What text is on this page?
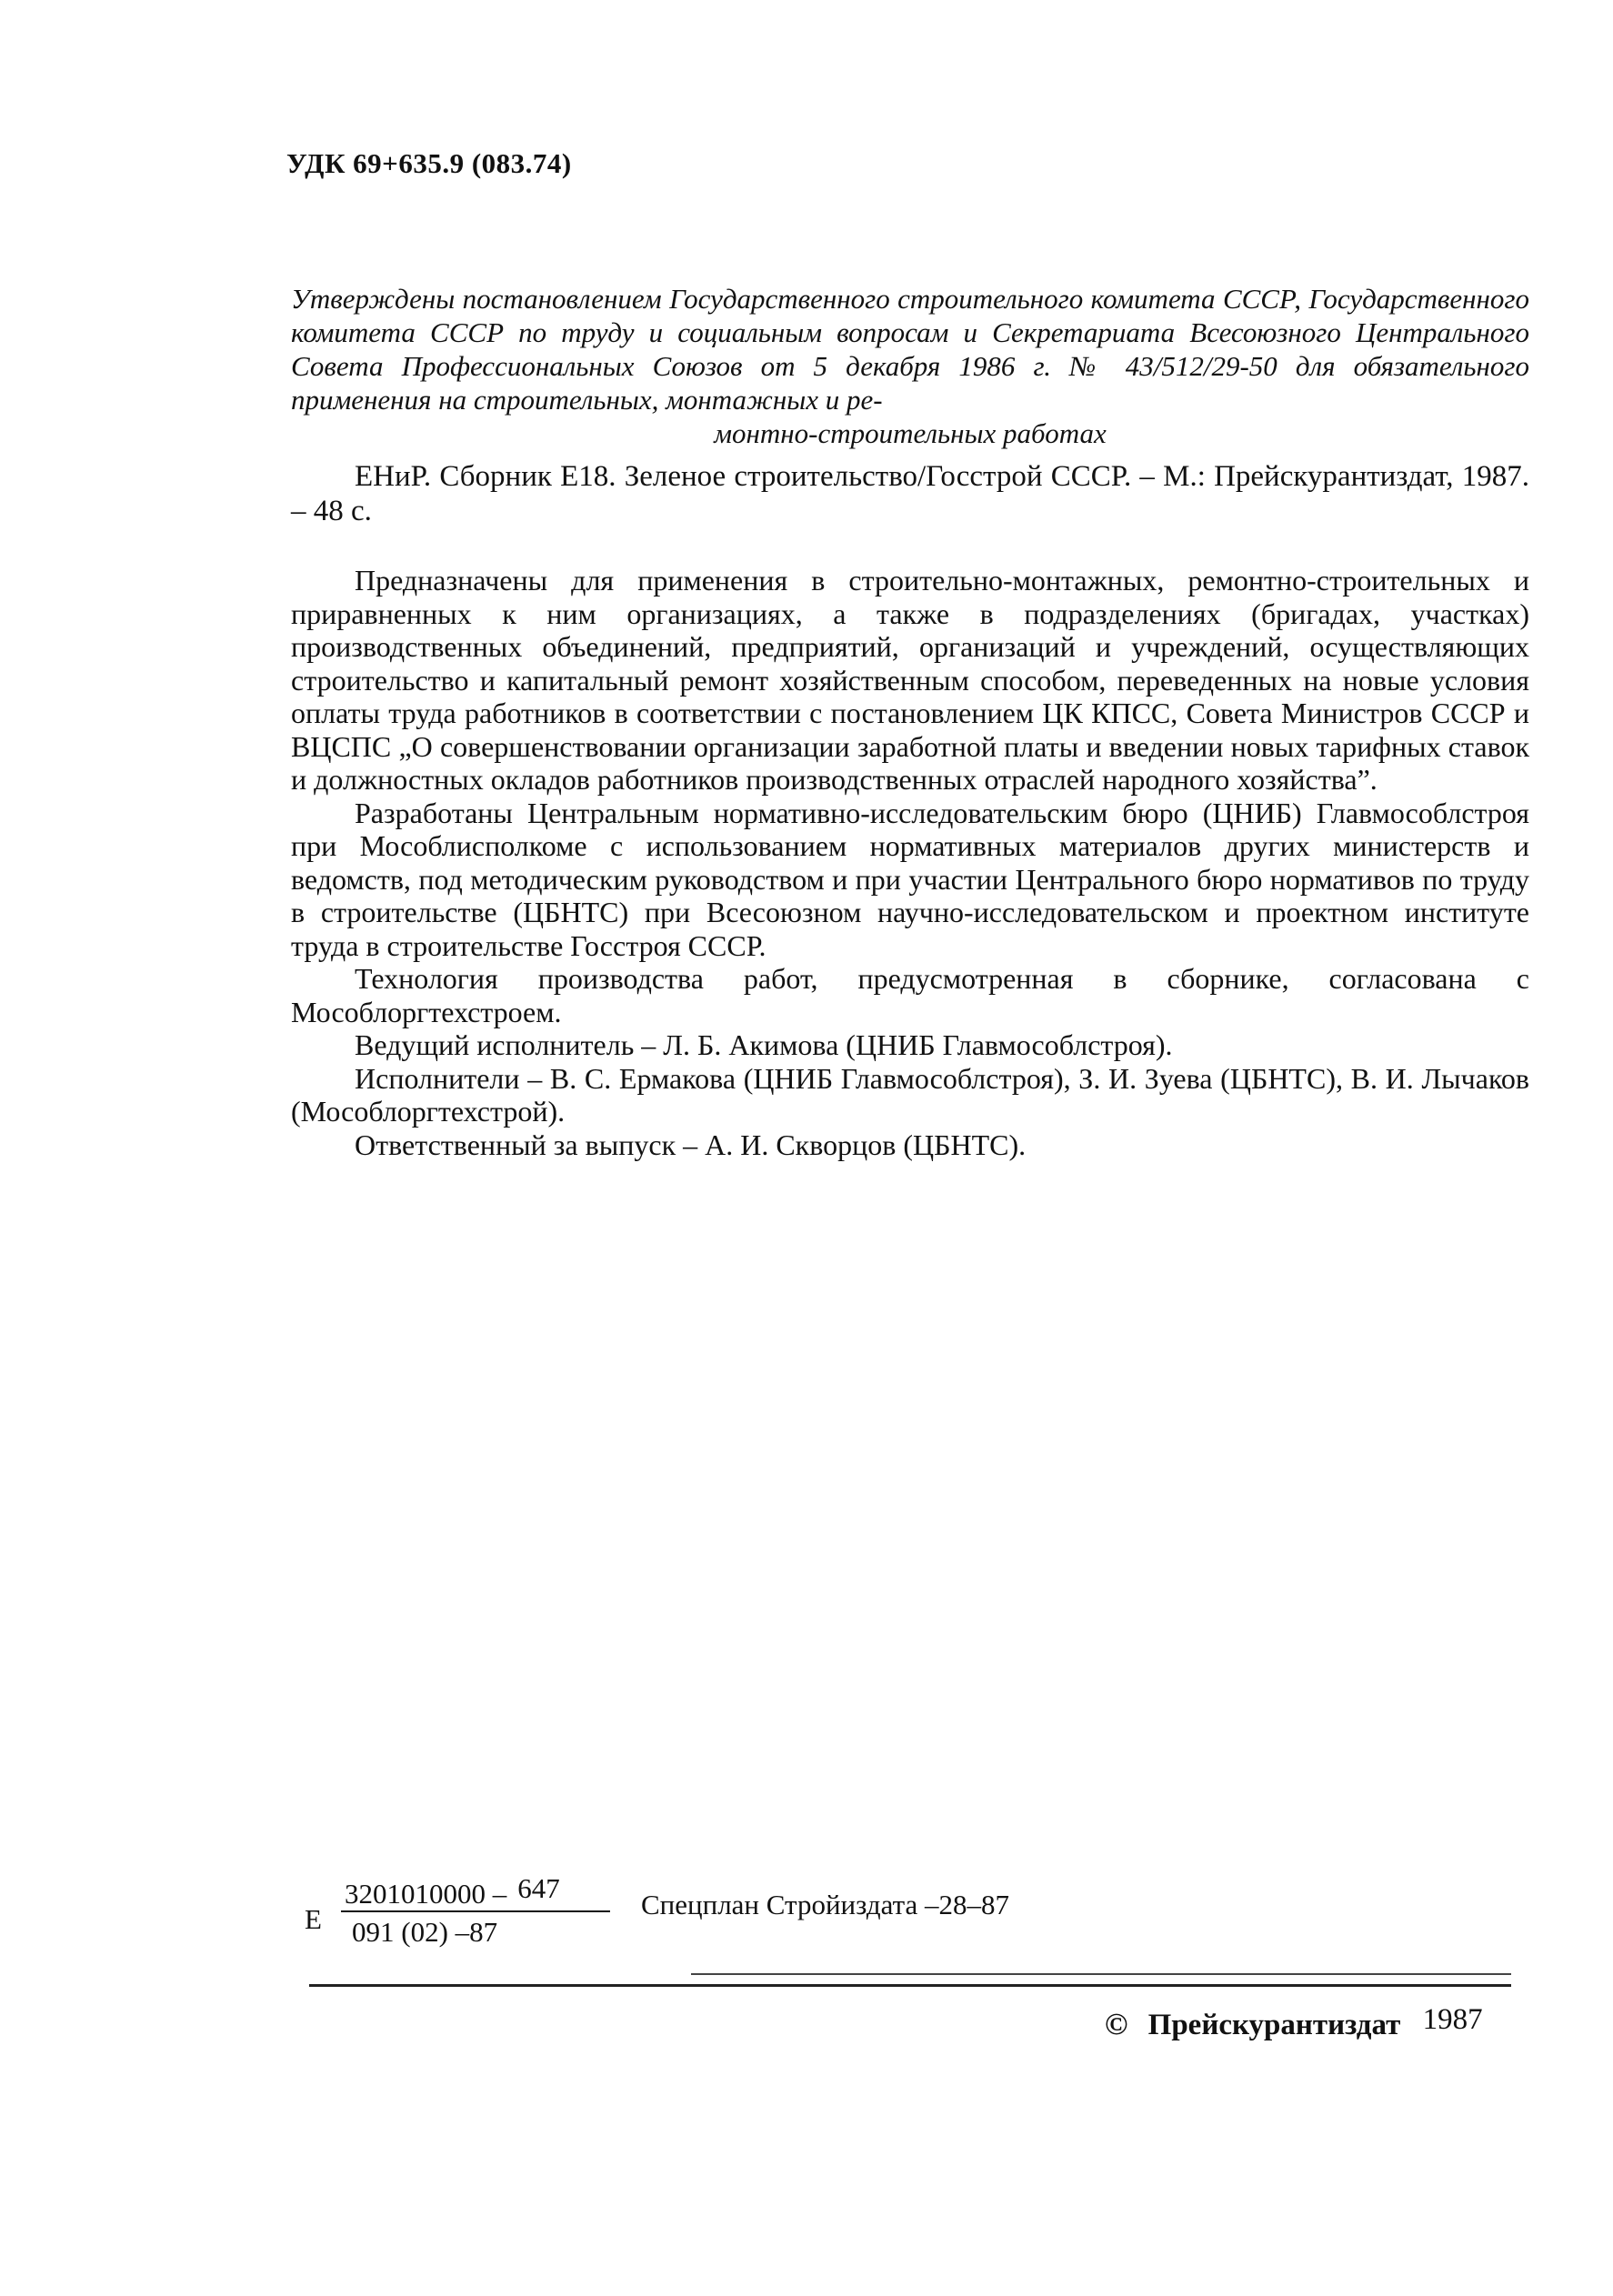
УДК 69+635.9 (083.74)
Утверждены постановлением Государственного строительного комитета СССР, Государственного комитета СССР по труду и социальным вопросам и Секретариата Всесоюзного Центрального Совета Профессиональных Союзов от 5 декабря 1986 г. № 43/512/29-50 для обязательного применения на строительных, монтажных и ре-
монтно-строительных работах

ЕНиР. Сборник Е18. Зеленое строительство/Госстрой СССР. – М.: Прейскурантиздат, 1987. – 48 с.

Предназначены для применения в строительно-монтажных, ремонтно-строительных и приравненных к ним организациях, а также в подразделениях (бригадах, участках) производственных объединений, предприятий, организаций и учреждений, осуществляющих строительство и капитальный ремонт хозяйственным способом, переведенных на новые условия оплаты труда работников в соответствии с постановлением ЦК КПСС, Совета Министров СССР и ВЦСПС „О совершенствовании организации заработной платы и введении новых тарифных ставок и должностных окладов работников производственных отраслей народного хозяйства”.

Разработаны Центральным нормативно-исследовательским бюро (ЦНИБ) Главмособлстроя при Мособлисполкоме с использованием нормативных материалов других министерств и ведомств, под методическим руководством и при участии Центрального бюро нормативов по труду в строительстве (ЦБНТС) при Всесоюзном научно-исследовательском и проектном институте труда в строительстве Госстроя СССР.

Технология производства работ, предусмотренная в сборнике, согласована с Мособлоргтехстроем.

Ведущий исполнитель – Л. Б. Акимова (ЦНИБ Главмособлстроя).

Исполнители – В. С. Ермакова (ЦНИБ Главмособлстроя), З. И. Зуева (ЦБНТС), В. И. Лычаков (Мособлоргтехстрой).

Ответственный за выпуск – А. И. Скворцов (ЦБНТС).

Е
3201010000 – 647
091 (02) –87
Спецплан Стройиздата –28–87
© Прейскурантиздат 1987
